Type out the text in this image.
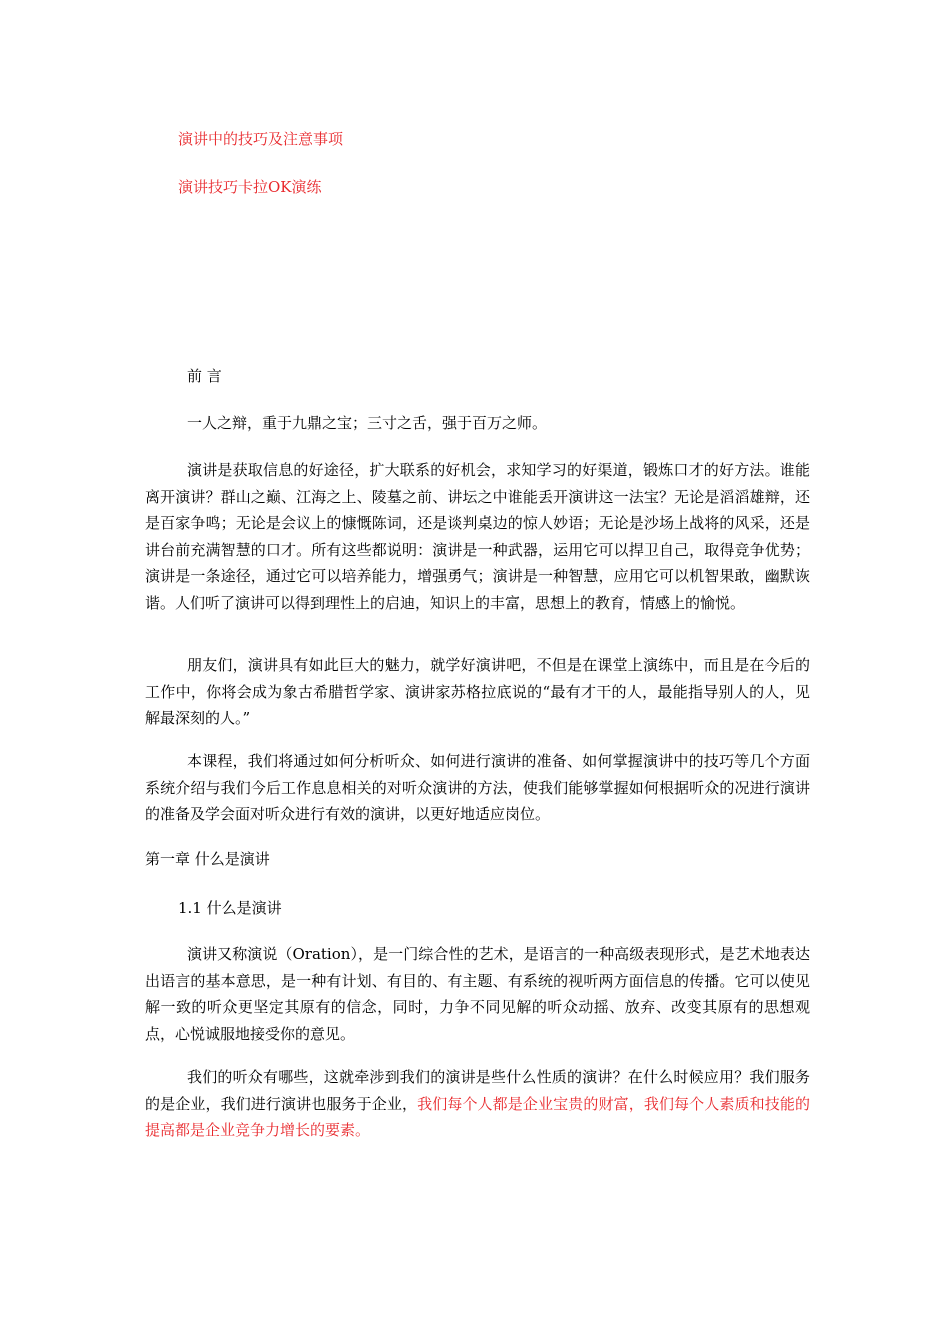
演讲中的技巧及注意事项
演讲技巧卡拉OK演练
前 言
一人之辩，重于九鼎之宝；三寸之舌，强于百万之师。

演讲是获取信息的好途径，扩大联系的好机会，求知学习的好渠道，锻炼口才的好方法。谁能离开演讲？群山之巅、江海之上、陵墓之前、讲坛之中谁能丢开演讲这一法宝？无论是滔滔雄辩，还是百家争鸣；无论是会议上的慷慨陈词，还是谈判桌边的惊人妙语；无论是沙场上战将的风采，还是讲台前充满智慧的口才。所有这些都说明：演讲是一种武器，运用它可以捍卫自己，取得竞争优势；演讲是一条途径，通过它可以培养能力，增强勇气；演讲是一种智慧，应用它可以机智果敢，幽默诙谐。人们听了演讲可以得到理性上的启迪，知识上的丰富，思想上的教育，情感上的愉悦。

朋友们，演讲具有如此巨大的魅力，就学好演讲吧，不但是在课堂上演练中，而且是在今后的工作中，你将会成为象古希腊哲学家、演讲家苏格拉底说的“最有才干的人，最能指导别人的人，见解最深刻的人。”

本课程，我们将通过如何分析听众、如何进行演讲的准备、如何掌握演讲中的技巧等几个方面系统介绍与我们今后工作息息相关的对听众演讲的方法，使我们能够掌握如何根据听众的况进行演讲的准备及学会面对听众进行有效的演讲，以更好地适应岗位。

第一章 什么是演讲
1.1 什么是演讲

演讲又称演说（Oration），是一门综合性的艺术，是语言的一种高级表现形式，是艺术地表达出语言的基本意思，是一种有计划、有目的、有主题、有系统的视听两方面信息的传播。它可以使见解一致的听众更坚定其原有的信念，同时，力争不同见解的听众动摇、放弃、改变其原有的思想观点，心悦诚服地接受你的意见。

我们的听众有哪些，这就牵涉到我们的演讲是些什么性质的演讲？在什么时候应用？我们服务的是企业，我们进行演讲也服务于企业，我们每个人都是企业宝贵的财富，我们每个人素质和技能的提高都是企业竞争力增长的要素。
